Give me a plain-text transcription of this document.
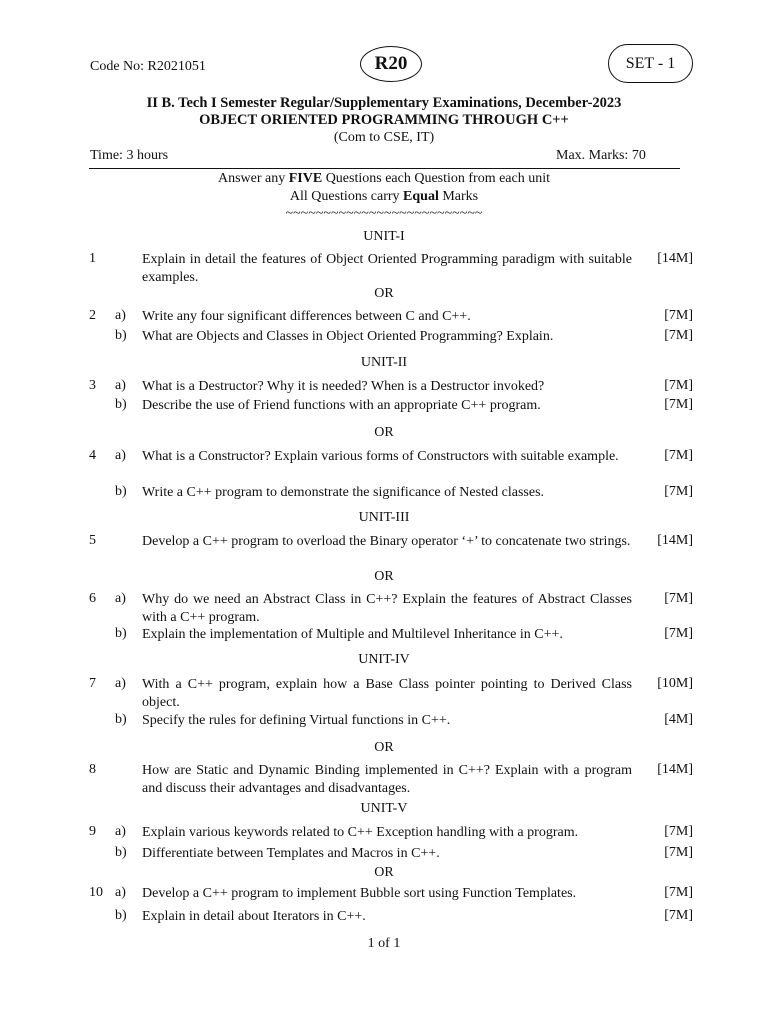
Code No: R2021051	R20	SET - 1
II B. Tech I Semester Regular/Supplementary Examinations, December-2023
OBJECT ORIENTED PROGRAMMING THROUGH C++
(Com to CSE, IT)
Time: 3 hours	Max. Marks: 70
Answer any FIVE Questions each Question from each unit
All Questions carry Equal Marks
~~~~~~~~~~~~~~~~~~~~~~~~~~
UNIT-I
1	Explain in detail the features of Object Oriented Programming paradigm with suitable examples.
[14M]
OR
2	a)	Write any four significant differences between C and C++.	[7M]
b)	What are Objects and Classes in Object Oriented Programming? Explain.	[7M]
UNIT-II
3	a)	What is a Destructor? Why it is needed? When is a Destructor invoked?	[7M]
b)	Describe the use of Friend functions with an appropriate C++ program.	[7M]
OR
4	a)	What is a Constructor? Explain various forms of Constructors with suitable example.	[7M]
b)	Write a C++ program to demonstrate the significance of Nested classes.	[7M]
UNIT-III
5	Develop a C++ program to overload the Binary operator ‘+’ to concatenate two strings. [14M]
OR
6	a)	Why do we need an Abstract Class in C++? Explain the features of Abstract Classes with a C++ program.
[7M]
b)	Explain the implementation of Multiple and Multilevel Inheritance in C++.	[7M]
UNIT-IV
7	a)	With a C++ program, explain how a Base Class pointer pointing to Derived Class object.
[10M]
b)	Specify the rules for defining Virtual functions in C++.	[4M]
OR
8	How are Static and Dynamic Binding implemented in C++? Explain with a program and discuss their advantages and disadvantages.
[14M]
UNIT-V
9	a)	Explain various keywords related to C++ Exception handling with a program.	[7M]
b)	Differentiate between Templates and Macros in C++.	[7M]
OR
10 a)	Develop a C++ program to implement Bubble sort using Function Templates.	[7M]
b)	Explain in detail about Iterators in C++.	[7M]
1 of 1
